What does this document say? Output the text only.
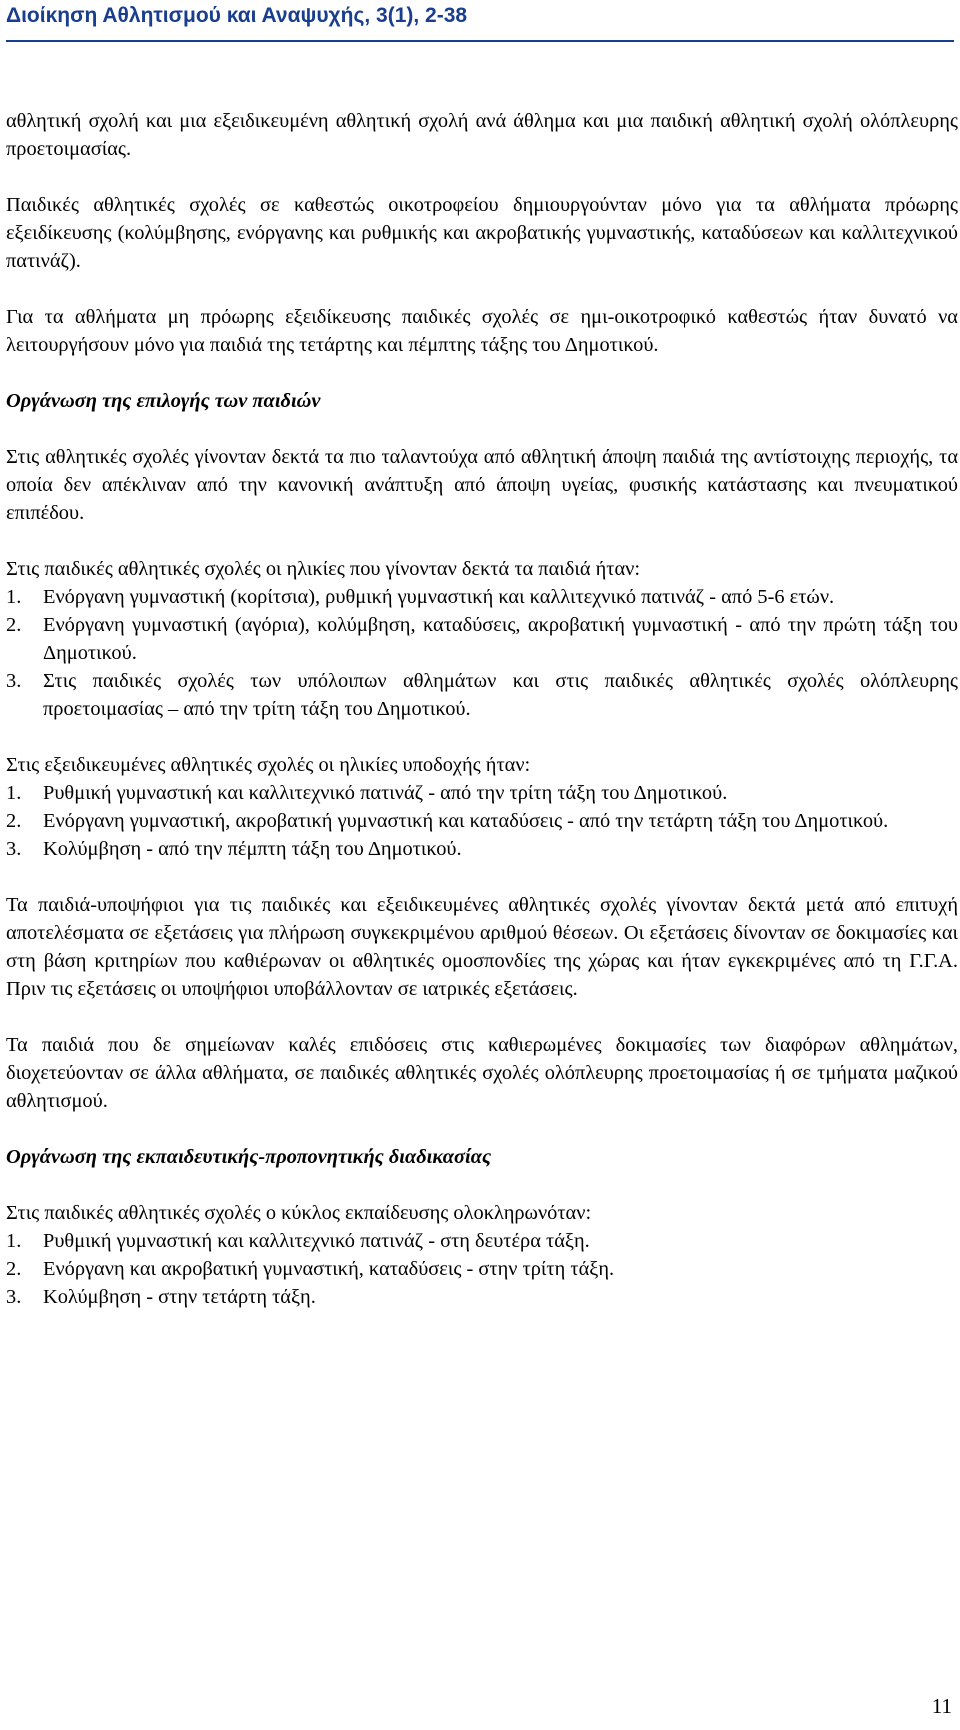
Διοίκηση Αθλητισμού και Αναψυχής, 3(1), 2-38

αθλητική σχολή και μια εξειδικευμένη αθλητική σχολή ανά άθλημα και μια παιδική αθλητική σχολή ολόπλευρης προετοιμασίας.

Παιδικές αθλητικές σχολές σε καθεστώς οικοτροφείου δημιουργούνταν μόνο για τα αθλήματα πρόωρης εξειδίκευσης (κολύμβησης, ενόργανης και ρυθμικής και ακροβατικής γυμναστικής, καταδύσεων και καλλιτεχνικού πατινάζ).

Για τα αθλήματα μη πρόωρης εξειδίκευσης παιδικές σχολές σε ημι-οικοτροφικό καθεστώς ήταν δυνατό να λειτουργήσουν μόνο για παιδιά της τετάρτης και πέμπτης τάξης του Δημοτικού.

Οργάνωση της επιλογής των παιδιών

Στις αθλητικές σχολές γίνονταν δεκτά τα πιο ταλαντούχα από αθλητική άποψη παιδιά της αντίστοιχης περιοχής, τα οποία δεν απέκλιναν από την κανονική ανάπτυξη από άποψη υγείας, φυσικής κατάστασης και πνευματικού επιπέδου.

Στις παιδικές αθλητικές σχολές οι ηλικίες που γίνονταν δεκτά τα παιδιά ήταν:

1.	Ενόργανη γυμναστική (κορίτσια), ρυθμική γυμναστική και καλλιτεχνικό πατινάζ - από 5-6 ετών.
2.	Ενόργανη γυμναστική (αγόρια), κολύμβηση, καταδύσεις, ακροβατική γυμναστική - από την πρώτη τάξη του Δημοτικού.
3.	Στις παιδικές σχολές των υπόλοιπων αθλημάτων και στις παιδικές αθλητικές σχολές ολόπλευρης προετοιμασίας – από την τρίτη τάξη του Δημοτικού.

Στις εξειδικευμένες αθλητικές σχολές οι ηλικίες υποδοχής ήταν:

1.	Ρυθμική γυμναστική και καλλιτεχνικό πατινάζ - από την τρίτη τάξη του Δημοτικού.
2.	Ενόργανη γυμναστική, ακροβατική γυμναστική και καταδύσεις - από την τετάρτη τάξη του Δημοτικού.
3.	Κολύμβηση - από την πέμπτη τάξη του Δημοτικού.

Τα παιδιά-υποψήφιοι για τις παιδικές και εξειδικευμένες αθλητικές σχολές γίνονταν δεκτά μετά από επιτυχή αποτελέσματα σε εξετάσεις για πλήρωση συγκεκριμένου αριθμού θέσεων. Οι εξετάσεις δίνονταν σε δοκιμασίες και στη βάση κριτηρίων που καθιέρωναν οι αθλητικές ομοσπονδίες της χώρας και ήταν εγκεκριμένες από τη Γ.Γ.Α. Πριν τις εξετάσεις οι υποψήφιοι υποβάλλονταν σε ιατρικές εξετάσεις.

Τα παιδιά που δε σημείωναν καλές επιδόσεις στις καθιερωμένες δοκιμασίες των διαφόρων αθλημάτων, διοχετεύονταν σε άλλα αθλήματα, σε παιδικές αθλητικές σχολές ολόπλευρης προετοιμασίας ή σε τμήματα μαζικού αθλητισμού.

Οργάνωση της εκπαιδευτικής-προπονητικής διαδικασίας

Στις παιδικές αθλητικές σχολές ο κύκλος εκπαίδευσης ολοκληρωνόταν:

1.	Ρυθμική γυμναστική και καλλιτεχνικό πατινάζ - στη δευτέρα τάξη.
2.	Ενόργανη και ακροβατική γυμναστική, καταδύσεις - στην τρίτη τάξη.
3.	Κολύμβηση - στην τετάρτη τάξη.
11
